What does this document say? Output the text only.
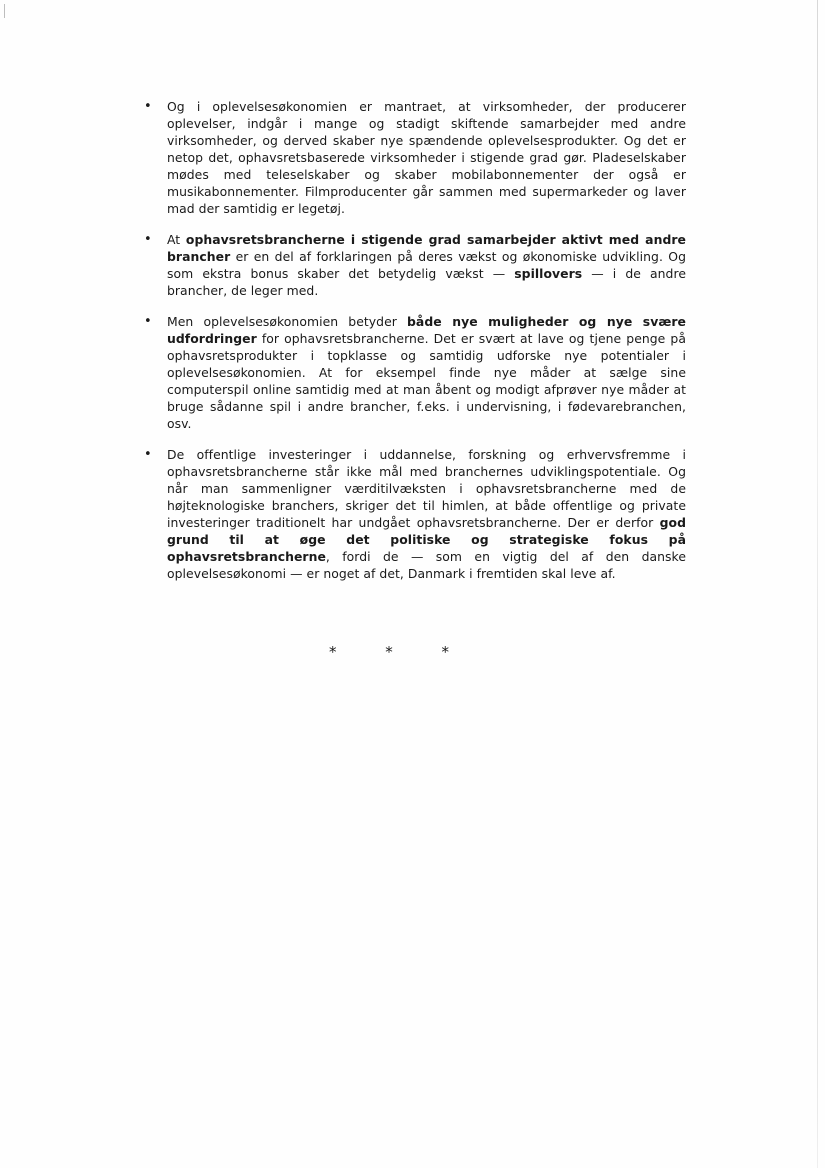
• Og i oplevelsesøkonomien er mantraet, at virksomheder, der producerer oplevelser, indgår i mange og stadigt skiftende samarbejder med andre virksomheder, og derved skaber nye spændende oplevelsesprodukter. Og det er netop det, ophavsretsbaserede virksomheder i stigende grad gør. Pladeselskaber mødes med teleselskaber og skaber mobilabonnementer der også er musikabonnementer. Filmproducenter går sammen med supermarkeder og laver mad der samtidig er legetøj.

• At ophavsretsbrancherne i stigende grad samarbejder aktivt med andre brancher er en del af forklaringen på deres vækst og økonomiske udvikling. Og som ekstra bonus skaber det betydelig vækst — spillovers — i de andre brancher, de leger med.

• Men oplevelsesøkonomien betyder både nye muligheder og nye svære udfordringer for ophavsretsbrancherne. Det er svært at lave og tjene penge på ophavsretsprodukter i topklasse og samtidig udforske nye potentialer i oplevelsesøkonomien. At for eksempel finde nye måder at sælge sine computerspil online samtidig med at man åbent og modigt afprøver nye måder at bruge sådanne spil i andre brancher, f.eks. i undervisning, i fødevarebranchen, osv.

• De offentlige investeringer i uddannelse, forskning og erhvervsfremme i ophavsretsbrancherne står ikke mål med branchernes udviklingspotentiale. Og når man sammenligner værditilvæksten i ophavsretsbrancherne med de højteknologiske branchers, skriger det til himlen, at både offentlige og private investeringer traditionelt har undgået ophavsretsbrancherne. Der er derfor god grund til at øge det politiske og strategiske fokus på ophavsretsbrancherne, fordi de — som en vigtig del af den danske oplevelsesøkonomi — er noget af det, Danmark i fremtiden skal leve af.

* * *
